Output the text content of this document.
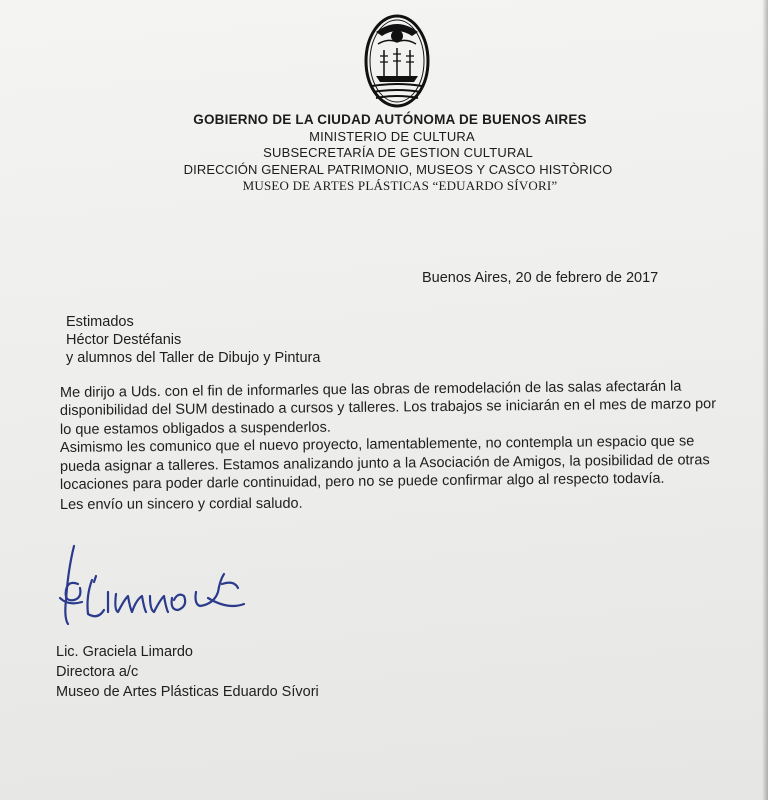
GOBIERNO DE LA CIUDAD AUTÓNOMA DE BUENOS AIRES
MINISTERIO DE CULTURA
SUBSECRETARÍA DE GESTION CULTURAL
DIRECCIÓN GENERAL PATRIMONIO, MUSEOS Y CASCO HISTÒRICO
MUSEO DE ARTES PLÁSTICAS “EDUARDO SÍVORI”
Buenos Aires, 20 de febrero de 2017
Estimados
Héctor Destéfanis
y alumnos del Taller de Dibujo y Pintura
Me dirijo a Uds. con el fin de informarles que las obras de remodelación de las salas afectarán la
disponibilidad del SUM destinado a cursos y talleres. Los trabajos se iniciarán en el mes de marzo por
lo que estamos obligados a suspenderlos.
Asimismo les comunico que el nuevo proyecto, lamentablemente, no contempla un espacio que se
pueda asignar a talleres. Estamos analizando junto a la Asociación de Amigos, la posibilidad de otras
locaciones para poder darle continuidad, pero no se puede confirmar algo al respecto todavía.
Les envío un sincero y cordial saludo.
Lic. Graciela Limardo
Directora a/c
Museo de Artes Plásticas Eduardo Sívori
